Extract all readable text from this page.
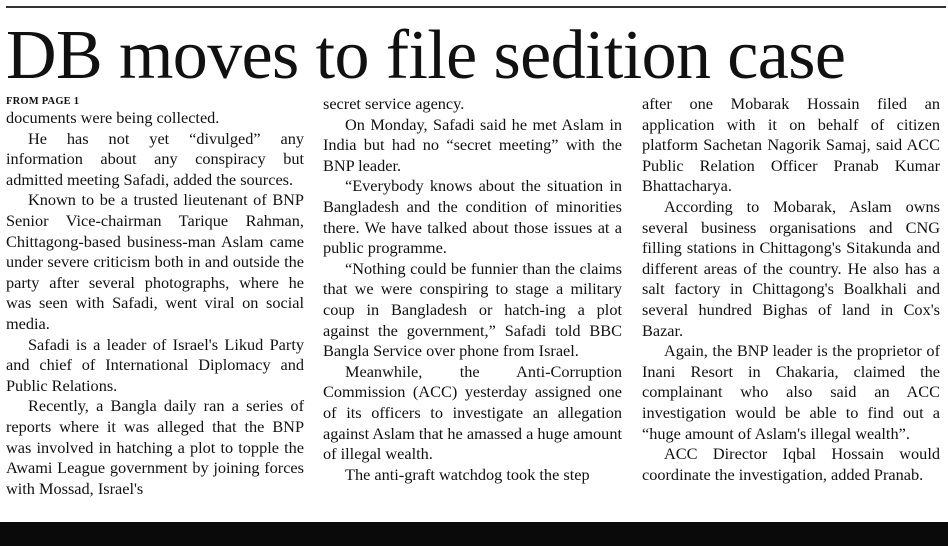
DB moves to file sedition case
FROM PAGE 1

documents were being collected.

He has not yet “divulged” any information about any conspiracy but admitted meeting Safadi, added the sources.

Known to be a trusted lieutenant of BNP Senior Vice-chairman Tarique Rahman, Chittagong-based business-man Aslam came under severe criticism both in and outside the party after several photographs, where he was seen with Safadi, went viral on social media.

Safadi is a leader of Israel's Likud Party and chief of International Diplomacy and Public Relations.

Recently, a Bangla daily ran a series of reports where it was alleged that the BNP was involved in hatching a plot to topple the Awami League government by joining forces with Mossad, Israel's

secret service agency.

On Monday, Safadi said he met Aslam in India but had no “secret meeting” with the BNP leader.

“Everybody knows about the situation in Bangladesh and the condition of minorities there. We have talked about those issues at a public programme.

“Nothing could be funnier than the claims that we were conspiring to stage a military coup in Bangladesh or hatch-ing a plot against the government,” Safadi told BBC Bangla Service over phone from Israel.

Meanwhile, the Anti-Corruption Commission (ACC) yesterday assigned one of its officers to investigate an allegation against Aslam that he amassed a huge amount of illegal wealth.

The anti-graft watchdog took the step

after one Mobarak Hossain filed an application with it on behalf of citizen platform Sachetan Nagorik Samaj, said ACC Public Relation Officer Pranab Kumar Bhattacharya.

According to Mobarak, Aslam owns several business organisations and CNG filling stations in Chittagong's Sitakunda and different areas of the country. He also has a salt factory in Chittagong's Boalkhali and several hundred Bighas of land in Cox's Bazar.

Again, the BNP leader is the proprietor of Inani Resort in Chakaria, claimed the complainant who also said an ACC investigation would be able to find out a “huge amount of Aslam's illegal wealth”.

ACC Director Iqbal Hossain would coordinate the investigation, added Pranab.
